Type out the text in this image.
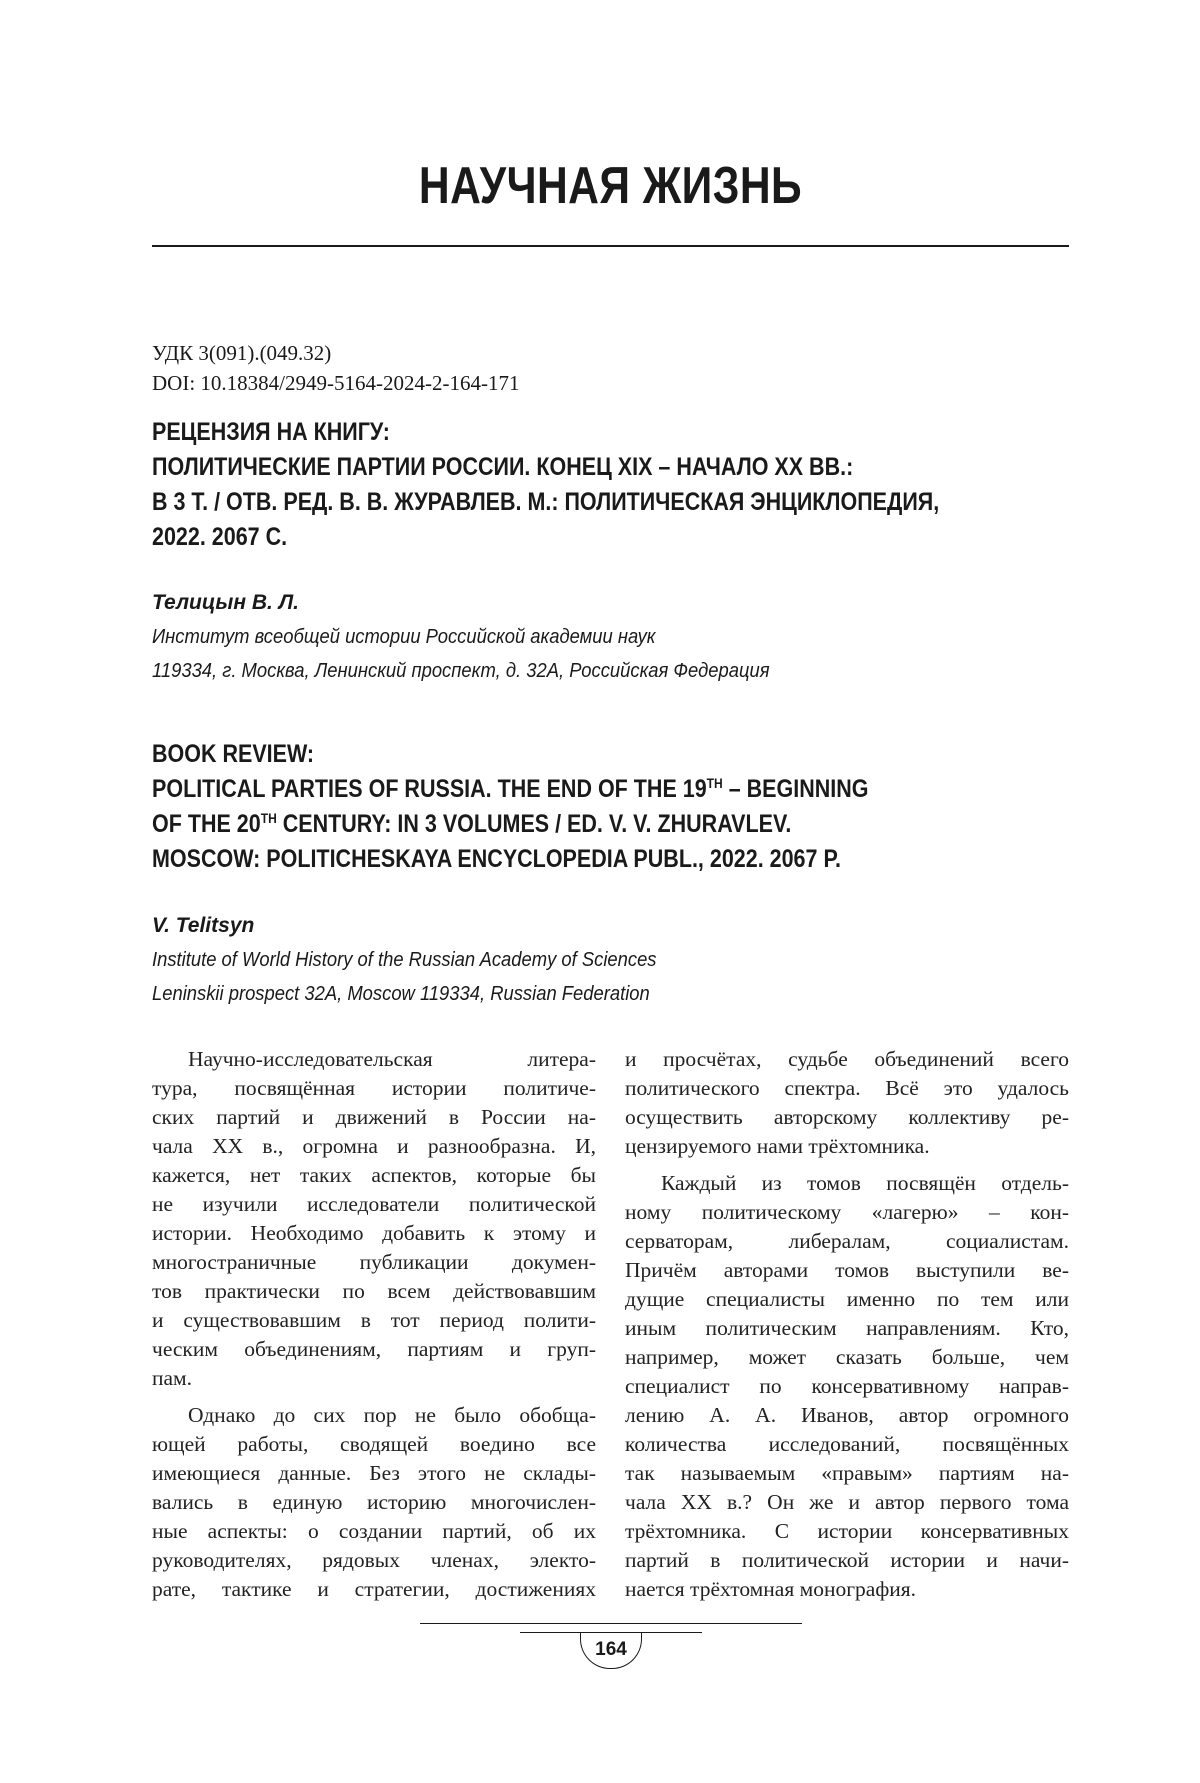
НАУЧНАЯ ЖИЗНЬ
УДК 3(091).(049.32)
DOI: 10.18384/2949-5164-2024-2-164-171
РЕЦЕНЗИЯ НА КНИГУ:
ПОЛИТИЧЕСКИЕ ПАРТИИ РОССИИ. КОНЕЦ XIX – НАЧАЛО XX ВВ.:
В 3 Т. / ОТВ. РЕД. В. В. ЖУРАВЛЕВ. М.: ПОЛИТИЧЕСКАЯ ЭНЦИКЛОПЕДИЯ,
2022. 2067 С.
Телицын В. Л.
Институт всеобщей истории Российской академии наук
119334, г. Москва, Ленинский проспект, д. 32А, Российская Федерация
BOOK REVIEW:
POLITICAL PARTIES OF RUSSIA. THE END OF THE 19TH – BEGINNING
OF THE 20TH CENTURY: IN 3 VOLUMES / ED. V. V. ZHURAVLEV.
MOSCOW: POLITICHESKAYA ENCYCLOPEDIA PUBL., 2022. 2067 P.
V. Telitsyn
Institute of World History of the Russian Academy of Sciences
Leninskii prospect 32A, Moscow 119334, Russian Federation
Научно-исследовательская литера-
тура, посвящённая истории политиче-
ских партий и движений в России на-
чала XX в., огромна и разнообразна. И,
кажется, нет таких аспектов, которые бы
не изучили исследователи политической
истории. Необходимо добавить к этому и
многостраничные публикации докумен-
тов практически по всем действовавшим
и существовавшим в тот период полити-
ческим объединениям, партиям и груп-
пам.
Однако до сих пор не было обобща-
ющей работы, сводящей воедино все
имеющиеся данные. Без этого не склады-
вались в единую историю многочислен-
ные аспекты: о создании партий, об их
руководителях, рядовых членах, электо-
рате, тактике и стратегии, достижениях
и просчётах, судьбе объединений всего
политического спектра. Всё это удалось
осуществить авторскому коллективу ре-
цензируемого нами трёхтомника.
Каждый из томов посвящён отдель-
ному политическому «лагерю» – кон-
серваторам, либералам, социалистам.
Причём авторами томов выступили ве-
дущие специалисты именно по тем или
иным политическим направлениям. Кто,
например, может сказать больше, чем
специалист по консервативному направ-
лению А. А. Иванов, автор огромного
количества исследований, посвящённых
так называемым «правым» партиям на-
чала XX в.? Он же и автор первого тома
трёхтомника. С истории консервативных
партий в политической истории и начи-
нается трёхтомная монография.
164
